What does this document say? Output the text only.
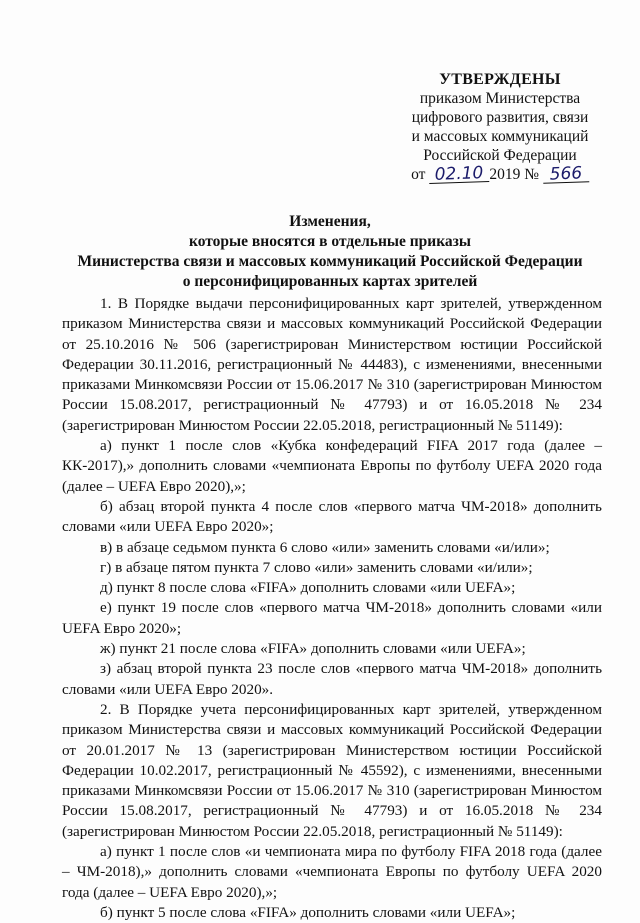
УТВЕРЖДЕНЫ
приказом Министерства
цифрового развития, связи
и массовых коммуникаций
Российской Федерации
от 02.10 2019 № 566
Изменения,
которые вносятся в отдельные приказы
Министерства связи и массовых коммуникаций Российской Федерации
о персонифицированных картах зрителей

1. В Порядке выдачи персонифицированных карт зрителей, утвержденном приказом Министерства связи и массовых коммуникаций Российской Федерации от 25.10.2016 № 506 (зарегистрирован Министерством юстиции Российской Федерации 30.11.2016, регистрационный № 44483), с изменениями, внесенными приказами Минкомсвязи России от 15.06.2017 № 310 (зарегистрирован Минюстом России 15.08.2017, регистрационный № 47793) и от 16.05.2018 № 234 (зарегистрирован Минюстом России 22.05.2018, регистрационный № 51149):

а) пункт 1 после слов «Кубка конфедераций FIFA 2017 года (далее – КК-2017),» дополнить словами «чемпионата Европы по футболу UEFA 2020 года (далее – UEFA Евро 2020),»;

б) абзац второй пункта 4 после слов «первого матча ЧМ-2018» дополнить словами «или UEFA Евро 2020»;

в) в абзаце седьмом пункта 6 слово «или» заменить словами «и/или»;

г) в абзаце пятом пункта 7 слово «или» заменить словами «и/или»;

д) пункт 8 после слова «FIFA» дополнить словами «или UEFA»;

е) пункт 19 после слов «первого матча ЧМ-2018» дополнить словами «или UEFA Евро 2020»;

ж) пункт 21 после слова «FIFA» дополнить словами «или UEFA»;

з) абзац второй пункта 23 после слов «первого матча ЧМ-2018» дополнить словами «или UEFA Евро 2020».

2. В Порядке учета персонифицированных карт зрителей, утвержденном приказом Министерства связи и массовых коммуникаций Российской Федерации от 20.01.2017 № 13 (зарегистрирован Министерством юстиции Российской Федерации 10.02.2017, регистрационный № 45592), с изменениями, внесенными приказами Минкомсвязи России от 15.06.2017 № 310 (зарегистрирован Минюстом России 15.08.2017, регистрационный № 47793) и от 16.05.2018 № 234 (зарегистрирован Минюстом России 22.05.2018, регистрационный № 51149):

а) пункт 1 после слов «и чемпионата мира по футболу FIFA 2018 года (далее – ЧМ-2018),» дополнить словами «чемпионата Европы по футболу UEFA 2020 года (далее – UEFA Евро 2020),»;

б) пункт 5 после слова «FIFA» дополнить словами «или UEFA»;
